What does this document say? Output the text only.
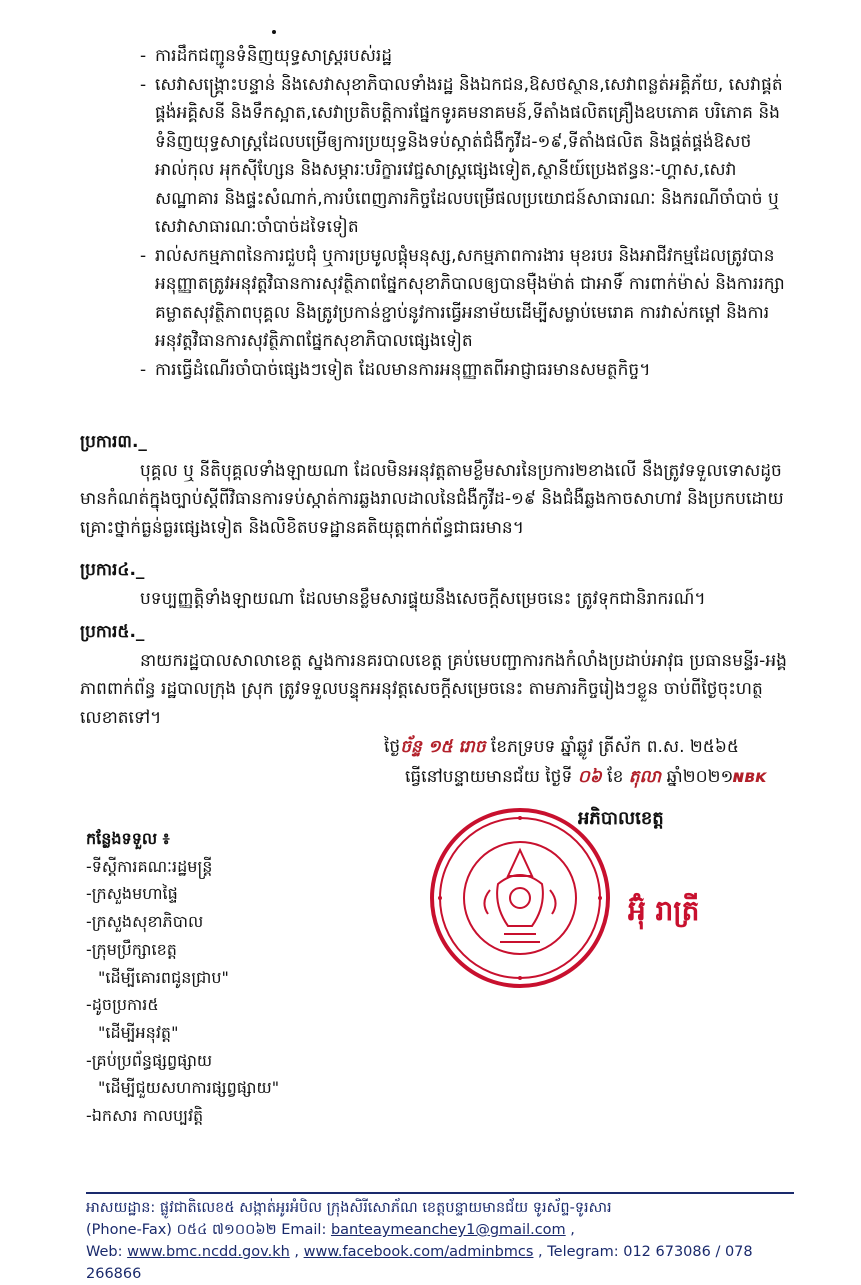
- ការដឹកជញ្ជូនទំនិញយុទ្ធសាស្ត្ររបស់រដ្ឋ
- សេវាសង្គ្រោះបន្ទាន់ និងសេវាសុខាភិបាលទាំងរដ្ឋ និងឯកជន,ឱសថស្ថាន,សេវាពន្លត់អគ្គិភ័យ, សេវាផ្គត់ផ្គង់អគ្គិសនី និងទឹកស្អាត,សេវាប្រតិបត្តិការផ្នែកទូរគមនាគមន៍,ទីតាំងផលិតគ្រឿងឧបភោគ បរិភោគ និងទំនិញយុទ្ធសាស្ត្រដែលបម្រើឲ្យការប្រយុទ្ធនិងទប់ស្កាត់ជំងឺកូវីដ-១៩,ទីតាំងផលិត និងផ្គត់ផ្គង់ឱសថ អាល់កុល អុកស៊ីហ្សែន និងសម្ភារៈបរិក្ខារវេជ្ជសាស្ត្រផ្សេងទៀត,ស្ថានីយ៍ប្រេងឥន្ធនៈ-ហ្គាស,សេវាសណ្ឋាគារ និងផ្ទះសំណាក់,ការបំពេញភារកិច្ចដែលបម្រើផលប្រយោជន៍សាធារណៈ និងករណីចាំបាច់ ឬសេវាសាធារណៈចាំបាច់ដទៃទៀត
- រាល់សកម្មភាពនៃការជួបជុំ ឬការប្រមូលផ្តុំមនុស្ស,សកម្មភាពការងារ មុខរបរ និងអាជីវកម្មដែលត្រូវបានអនុញ្ញាតត្រូវអនុវត្តវិធានការសុវត្ថិភាពផ្នែកសុខាភិបាលឲ្យបានម៉ឺងម៉ាត់ ជាអាទិ៍ ការពាក់ម៉ាស់ និងការរក្សាគម្លាតសុវត្ថិភាពបុគ្គល និងត្រូវប្រកាន់ខ្ជាប់នូវការធ្វើអនាម័យដើម្បីសម្លាប់មេរោគ ការវាស់កម្តៅ និងការអនុវត្តវិធានការសុវត្ថិភាពផ្នែកសុខាភិបាលផ្សេងទៀត
- ការធ្វើដំណើរចាំបាច់ផ្សេងៗទៀត ដែលមានការអនុញ្ញាតពីអាជ្ញាធរមានសមត្ថកិច្ច។
ប្រការ៣._
បុគ្គល ឬ នីតិបុគ្គលទាំងឡាយណា ដែលមិនអនុវត្តតាមខ្លឹមសារនៃប្រការ២ខាងលើ នឹងត្រូវទទួលទោសដូចមានកំណត់ក្នុងច្បាប់ស្តីពីវិធានការទប់ស្កាត់ការឆ្លងរាលដាលនៃជំងឺកូវីដ-១៩ និងជំងឺឆ្លងកាចសាហាវ និងប្រកបដោយគ្រោះថ្នាក់ធ្ងន់ធ្ងរផ្សេងទៀត និងលិខិតបទដ្ឋានគតិយុត្តពាក់ព័ន្ធជាធរមាន។
ប្រការ៤._
បទប្បញ្ញត្តិទាំងឡាយណា ដែលមានខ្លឹមសារផ្ទុយនឹងសេចក្តីសម្រេចនេះ ត្រូវទុកជានិរាករណ៍។
ប្រការ៥._
នាយករដ្ឋបាលសាលាខេត្ត ស្នងការនគរបាលខេត្ត គ្រប់មេបញ្ជាការកងកំលាំងប្រដាប់អាវុធ ប្រធានមន្ទីរ-អង្គភាពពាក់ព័ន្ធ រដ្ឋបាលក្រុង ស្រុក ត្រូវទទួលបន្ទុកអនុវត្តសេចក្តីសម្រេចនេះ តាមភារកិច្ចរៀងៗខ្លួន ចាប់ពីថ្ងៃចុះហត្ថលេខាតទៅ។
ថ្ងៃច័ន្ទ ១៥ រោច ខែភទ្របទ ឆ្នាំឆ្លូវ ត្រីស័ក ព.ស. ២៥៦៥
ធ្វើនៅបន្ទាយមានជ័យ ថ្ងៃទី ០៦ ខែ តុលា ឆ្នាំ២០២១ɴʙᴋ
អភិបាលខេត្ត
អ៊ុំ រាត្រី
កន្លែងទទួល ៖
-ទីស្តីការគណៈរដ្ឋមន្ត្រី
-ក្រសួងមហាផ្ទៃ
-ក្រសួងសុខាភិបាល
-ក្រុមប្រឹក្សាខេត្ត
"ដើម្បីគោរពជូនជ្រាប"
-ដូចប្រការ៥
"ដើម្បីអនុវត្ត"
-គ្រប់ប្រព័ន្ធផ្សព្វផ្សាយ
"ដើម្បីជួយសហការផ្សព្វផ្សាយ"
-ឯកសារ កាលប្បវត្តិ
អាសយដ្ឋាន: ផ្លូវជាតិលេខ៥ សង្កាត់អូរអំបិល ក្រុងសិរីសោភ័ណ ខេត្តបន្ទាយមានជ័យ ទូរស័ព្ទ-ទូរសារ
(Phone-Fax) ០៥៤ ៧១០០៦២ Email: banteaymeanchey1@gmail.com ,
Web: www.bmc.ncdd.gov.kh , www.facebook.com/adminbmcs , Telegram: 012 673086 / 078 266866
